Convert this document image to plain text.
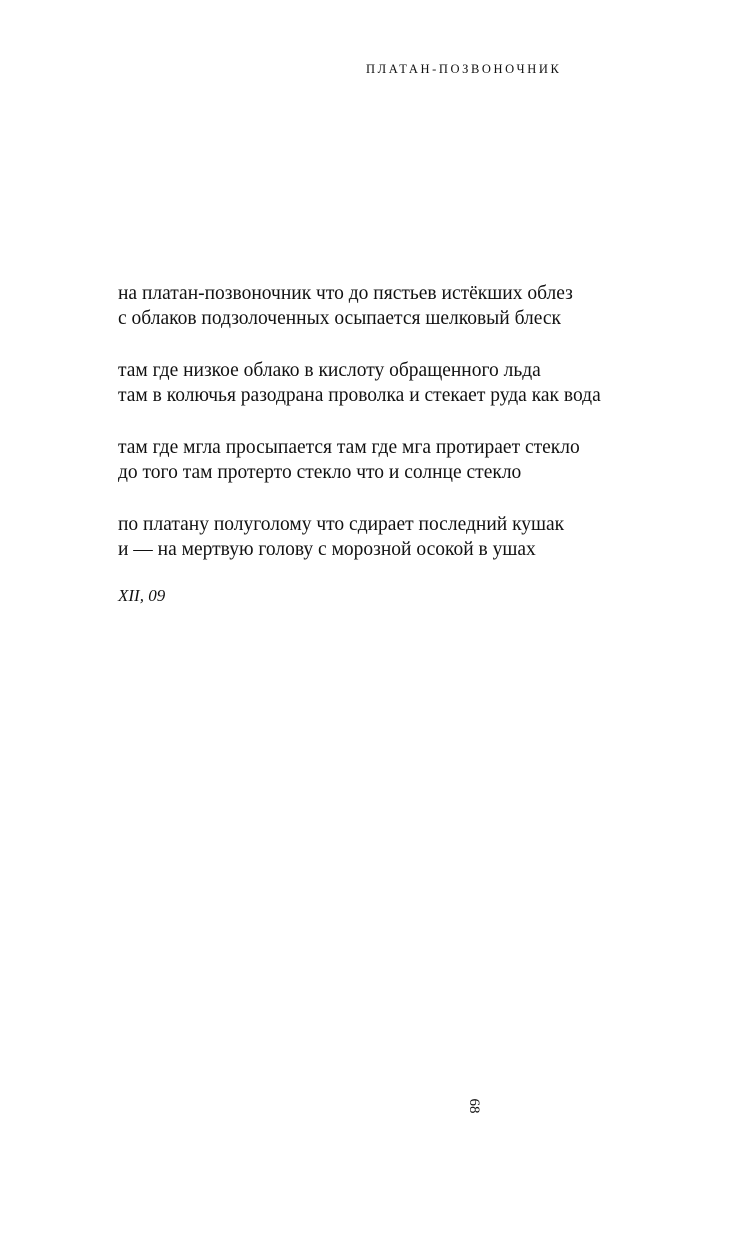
ПЛАТАН-ПОЗВОНОЧНИК
на платан-позвоночник что до пястьев истёкших облез
с облаков подзолоченных осыпается шелковый блеск
там где низкое облако в кислоту обращенного льда
там в колючья разодрана проволка и стекает руда как вода
там где мгла просыпается там где мга протирает стекло
до того там протерто стекло что и солнце стекло
по платану полуголому что сдирает последний кушак
и — на мертвую голову с морозной осокой в ушах
XII, 09
68
